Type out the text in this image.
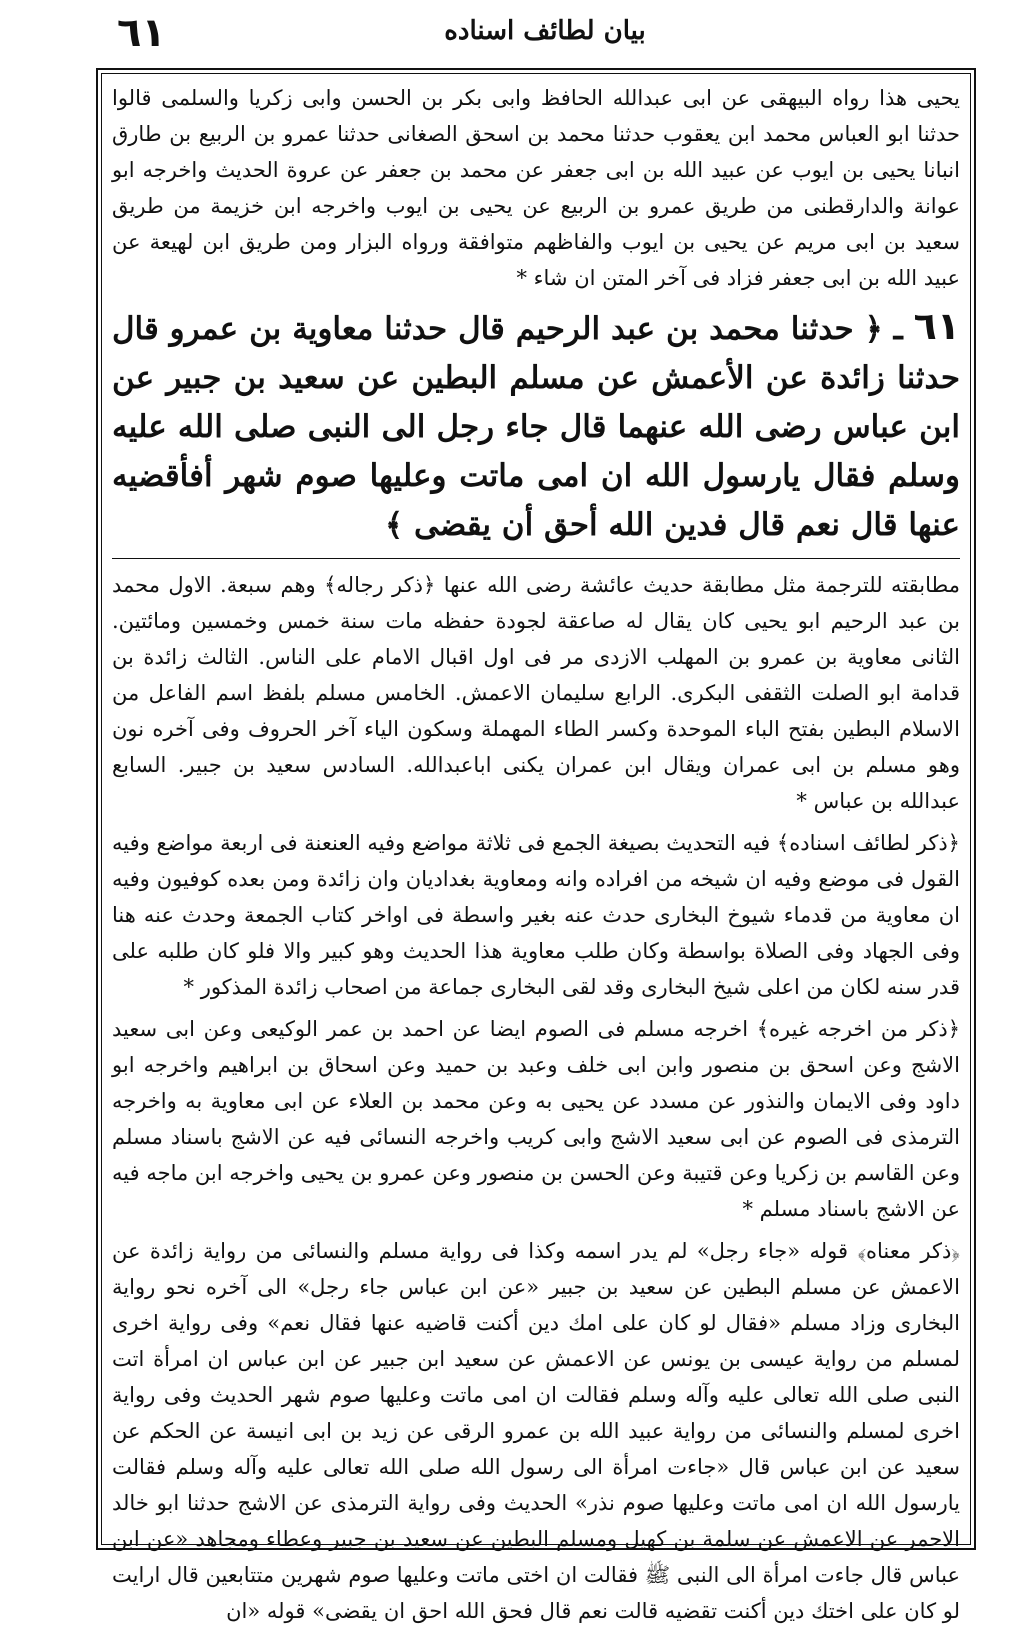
٦١	بيان لطائف اسناده

يحيى هذا رواه البيهقى عن ابى عبدالله الحافظ وابى بكر بن الحسن وابى زكريا والسلمى قالوا حدثنا ابو العباس محمد ابن يعقوب حدثنا محمد بن اسحق الصغانى حدثنا عمرو بن الربيع بن طارق انبانا يحيى بن ايوب عن عبيد الله بن ابى جعفر عن محمد بن جعفر عن عروة الحديث واخرجه ابو عوانة والدارقطنى من طريق عمرو بن الربيع عن يحيى بن ايوب واخرجه ابن خزيمة من طريق سعيد بن ابى مريم عن يحيى بن ايوب والفاظهم متوافقة ورواه البزار ومن طريق ابن لهيعة عن عبيد الله بن ابى جعفر فزاد فى آخر المتن ان شاء *

٦١ ـ ﴿ حدثنا محمد بن عبد الرحيم قال حدثنا معاوية بن عمرو قال حدثنا زائدة عن الأعمش عن مسلم البطين عن سعيد بن جبير عن ابن عباس رضى الله عنهما قال جاء رجل الى النبى صلى الله عليه وسلم فقال يارسول الله ان امى ماتت وعليها صوم شهر أفأقضيه عنها قال نعم قال فدين الله أحق أن يقضى ﴾

مطابقته للترجمة مثل مطابقة حديث عائشة رضى الله عنها ﴿ذكر رجاله﴾ وهم سبعة. الاول محمد بن عبد الرحيم ابو يحيى كان يقال له صاعقة لجودة حفظه مات سنة خمس وخمسين ومائتين. الثانى معاوية بن عمرو بن المهلب الازدى مر فى اول اقبال الامام على الناس. الثالث زائدة بن قدامة ابو الصلت الثقفى البكرى. الرابع سليمان الاعمش. الخامس مسلم بلفظ اسم الفاعل من الاسلام البطين بفتح الباء الموحدة وكسر الطاء المهملة وسكون الياء آخر الحروف وفى آخره نون وهو مسلم بن ابى عمران ويقال ابن عمران يكنى اباعبدالله. السادس سعيد بن جبير. السابع عبدالله بن عباس *

﴿ذكر لطائف اسناده﴾ فيه التحديث بصيغة الجمع فى ثلاثة مواضع وفيه العنعنة فى اربعة مواضع وفيه القول فى موضع وفيه ان شيخه من افراده وانه ومعاوية بغداديان وان زائدة ومن بعده كوفيون وفيه ان معاوية من قدماء شيوخ البخارى حدث عنه بغير واسطة فى اواخر كتاب الجمعة وحدث عنه هنا وفى الجهاد وفى الصلاة بواسطة وكان طلب معاوية هذا الحديث وهو كبير والا فلو كان طلبه على قدر سنه لكان من اعلى شيخ البخارى وقد لقى البخارى جماعة من اصحاب زائدة المذكور *

﴿ذكر من اخرجه غيره﴾ اخرجه مسلم فى الصوم ايضا عن احمد بن عمر الوكيعى وعن ابى سعيد الاشج وعن اسحق بن منصور وابن ابى خلف وعبد بن حميد وعن اسحاق بن ابراهيم واخرجه ابو داود وفى الايمان والنذور عن مسدد عن يحيى به وعن محمد بن العلاء عن ابى معاوية به واخرجه الترمذى فى الصوم عن ابى سعيد الاشج وابى كريب واخرجه النسائى فيه عن الاشج باسناد مسلم وعن القاسم بن زكريا وعن قتيبة وعن الحسن بن منصور وعن عمرو بن يحيى واخرجه ابن ماجه فيه عن الاشج باسناد مسلم *

﴿ذكر معناه﴾ قوله «جاء رجل» لم يدر اسمه وكذا فى رواية مسلم والنسائى من رواية زائدة عن الاعمش عن مسلم البطين عن سعيد بن جبير «عن ابن عباس جاء رجل» الى آخره نحو رواية البخارى وزاد مسلم «فقال لو كان على امك دين أكنت قاضيه عنها فقال نعم» وفى رواية اخرى لمسلم من رواية عيسى بن يونس عن الاعمش عن سعيد ابن جبير عن ابن عباس ان امرأة اتت النبى صلى الله تعالى عليه وآله وسلم فقالت ان امى ماتت وعليها صوم شهر الحديث وفى رواية اخرى لمسلم والنسائى من رواية عبيد الله بن عمرو الرقى عن زيد بن ابى انيسة عن الحكم عن سعيد عن ابن عباس قال «جاءت امرأة الى رسول الله صلى الله تعالى عليه وآله وسلم فقالت يارسول الله ان امى ماتت وعليها صوم نذر» الحديث وفى رواية الترمذى عن الاشج حدثنا ابو خالد الاحمر عن الاعمش عن سلمة بن كهيل ومسلم البطين عن سعيد بن جبير وعطاء ومجاهد «عن ابن عباس قال جاءت امرأة الى النبى ﷺ فقالت ان اختى ماتت وعليها صوم شهرين متتابعين قال ارايت لو كان على اختك دين أكنت تقضيه قالت نعم قال فحق الله احق ان يقضى» قوله «ان
